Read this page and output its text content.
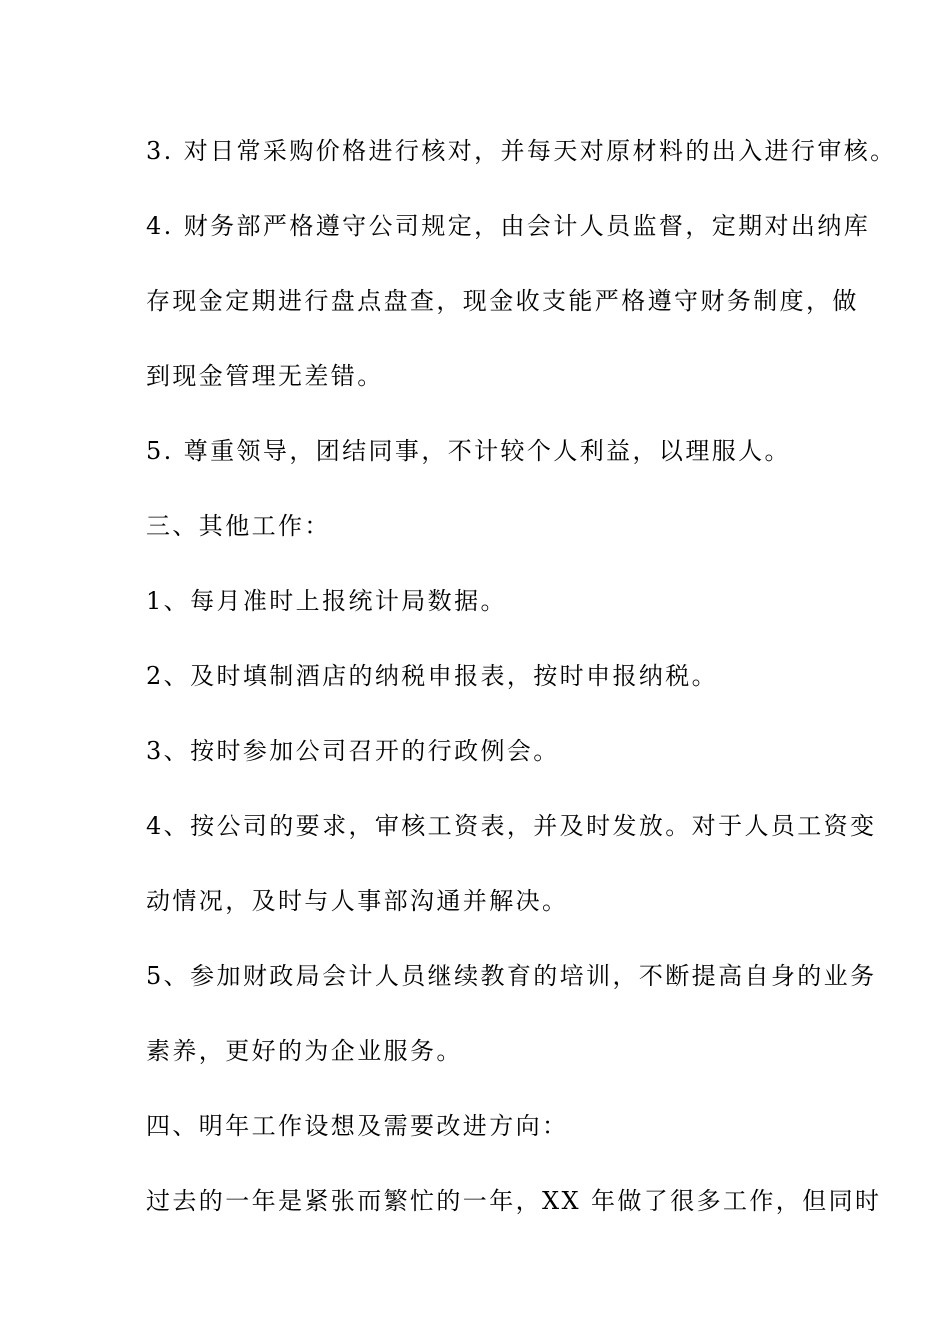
3. 对日常采购价格进行核对，并每天对原材料的出入进行审核。
4. 财务部严格遵守公司规定，由会计人员监督，定期对出纳库
存现金定期进行盘点盘查，现金收支能严格遵守财务制度，做
到现金管理无差错。
5. 尊重领导，团结同事，不计较个人利益，以理服人。
三、其他工作：
1、每月准时上报统计局数据。
2、及时填制酒店的纳税申报表，按时申报纳税。
3、按时参加公司召开的行政例会。
4、按公司的要求，审核工资表，并及时发放。对于人员工资变
动情况，及时与人事部沟通并解决。
5、参加财政局会计人员继续教育的培训，不断提高自身的业务
素养，更好的为企业服务。
四、明年工作设想及需要改进方向：
过去的一年是紧张而繁忙的一年，XX 年做了很多工作，但同时
